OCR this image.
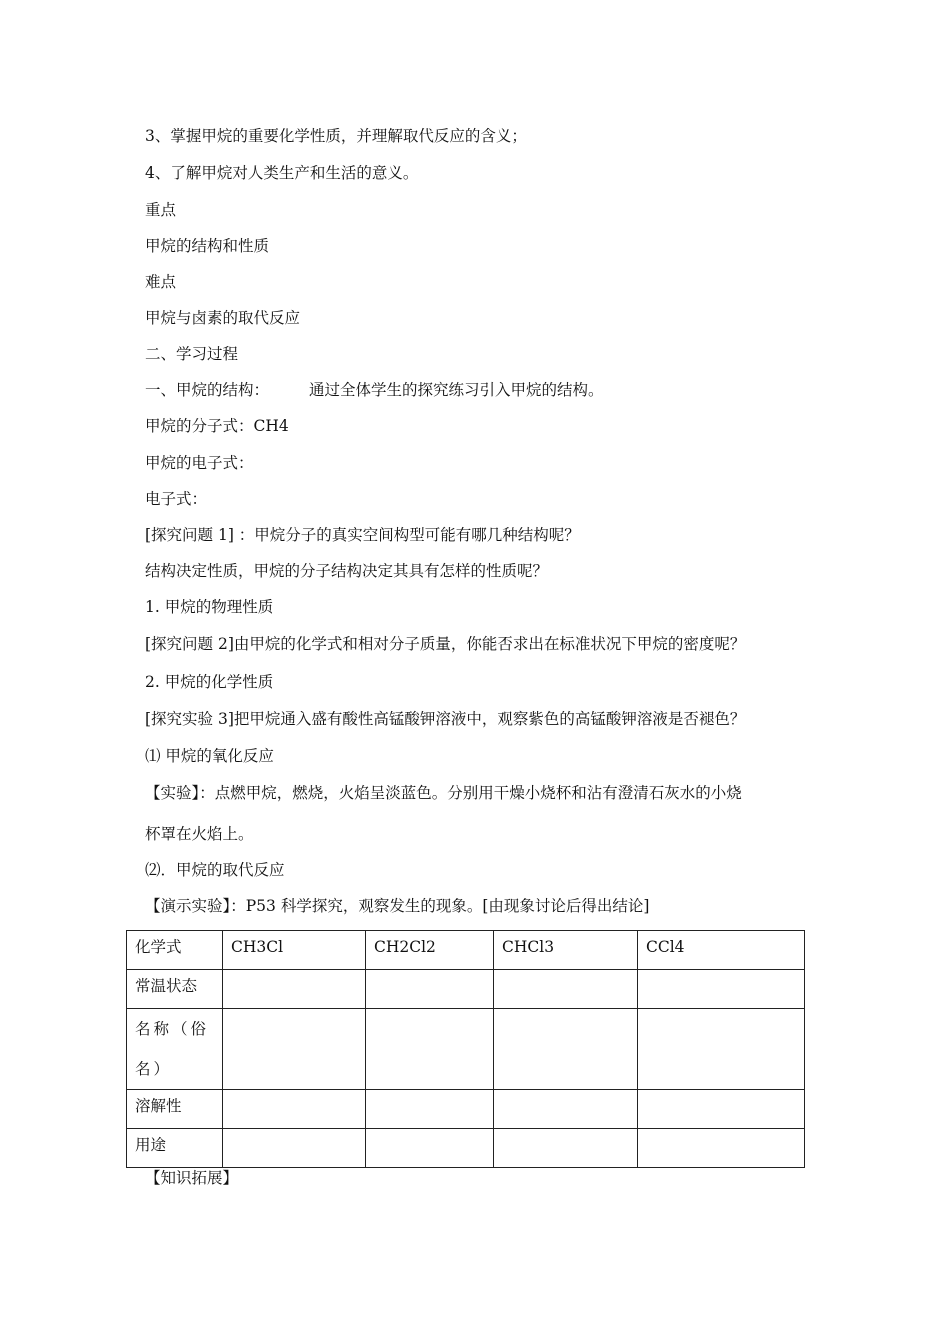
3、掌握甲烷的重要化学性质，并理解取代反应的含义；
4、了解甲烷对人类生产和生活的意义。
重点
甲烷的结构和性质
难点
甲烷与卤素的取代反应
二、学习过程
一、甲烷的结构：	通过全体学生的探究练习引入甲烷的结构。
甲烷的分子式：CH4
甲烷的电子式：
电子式：
[探究问题 1] ：甲烷分子的真实空间构型可能有哪几种结构呢？
结构决定性质，甲烷的分子结构决定其具有怎样的性质呢？
1. 甲烷的物理性质
[探究问题 2]由甲烷的化学式和相对分子质量，你能否求出在标准状况下甲烷的密度呢？
2. 甲烷的化学性质
[探究实验 3]把甲烷通入盛有酸性高锰酸钾溶液中，观察紫色的高锰酸钾溶液是否褪色？
⑴ 甲烷的氧化反应
【实验】：点燃甲烷，燃烧，火焰呈淡蓝色。分别用干燥小烧杯和沾有澄清石灰水的小烧
杯罩在火焰上。
⑵．甲烷的取代反应
【演示实验】：P53 科学探究，观察发生的现象。[由现象讨论后得出结论]
化学式	CH3Cl	CH2Cl2	CHCl3	CCl4
常温状态				
名称（俗名）				
溶解性				
用途				
【知识拓展】
